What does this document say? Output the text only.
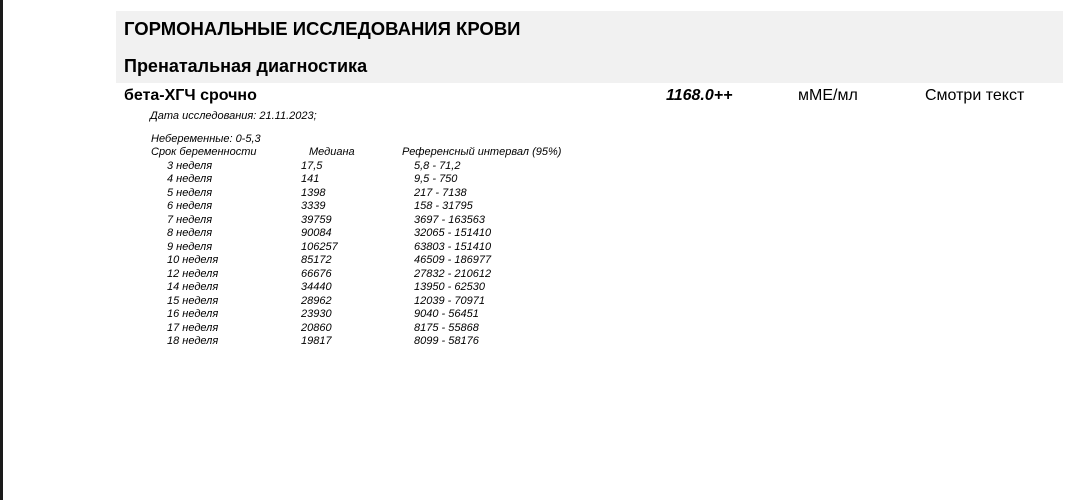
ГОРМОНАЛЬНЫЕ ИССЛЕДОВАНИЯ КРОВИ
Пренатальная диагностика
бета-ХГЧ срочно	1168.0++	мМЕ/мл	Смотри текст
Дата исследования: 21.11.2023;
Небеременные: 0-5,3
Срок беременности	Медиана	Референсный интервал (95%)
3 неделя	17,5	5,8 - 71,2
4 неделя	141	9,5 - 750
5 неделя	1398	217 - 7138
6 неделя	3339	158 - 31795
7 неделя	39759	3697 - 163563
8 неделя	90084	32065 - 151410
9 неделя	106257	63803 - 151410
10 неделя	85172	46509 - 186977
12 неделя	66676	27832 - 210612
14 неделя	34440	13950 - 62530
15 неделя	28962	12039 - 70971
16 неделя	23930	9040 - 56451
17 неделя	20860	8175 - 55868
18 неделя	19817	8099 - 58176
